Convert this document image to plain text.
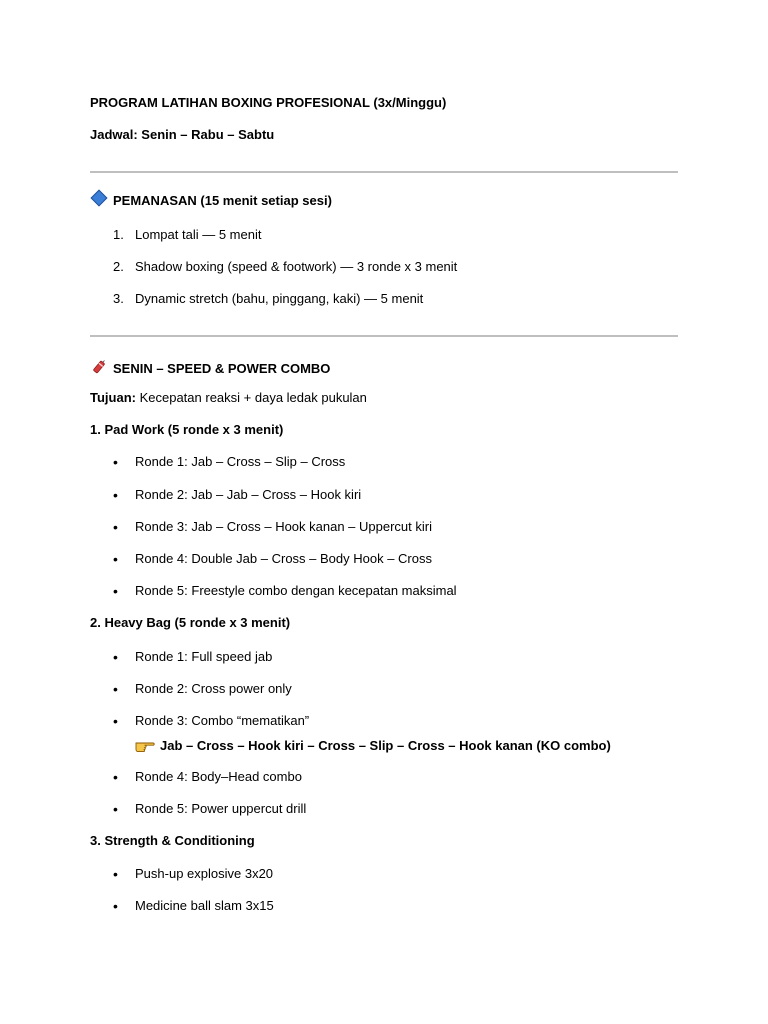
PROGRAM LATIHAN BOXING PROFESIONAL (3x/Minggu)
Jadwal: Senin – Rabu – Sabtu
PEMANASAN (15 menit setiap sesi)
1. Lompat tali — 5 menit
2. Shadow boxing (speed & footwork) — 3 ronde x 3 menit
3. Dynamic stretch (bahu, pinggang, kaki) — 5 menit
SENIN – SPEED & POWER COMBO
Tujuan: Kecepatan reaksi + daya ledak pukulan
1. Pad Work (5 ronde x 3 menit)
• Ronde 1: Jab – Cross – Slip – Cross
• Ronde 2: Jab – Jab – Cross – Hook kiri
• Ronde 3: Jab – Cross – Hook kanan – Uppercut kiri
• Ronde 4: Double Jab – Cross – Body Hook – Cross
• Ronde 5: Freestyle combo dengan kecepatan maksimal
2. Heavy Bag (5 ronde x 3 menit)
• Ronde 1: Full speed jab
• Ronde 2: Cross power only
• Ronde 3: Combo “mematikan”
Jab – Cross – Hook kiri – Cross – Slip – Cross – Hook kanan (KO combo)
• Ronde 4: Body–Head combo
• Ronde 5: Power uppercut drill
3. Strength & Conditioning
• Push-up explosive 3x20
• Medicine ball slam 3x15
